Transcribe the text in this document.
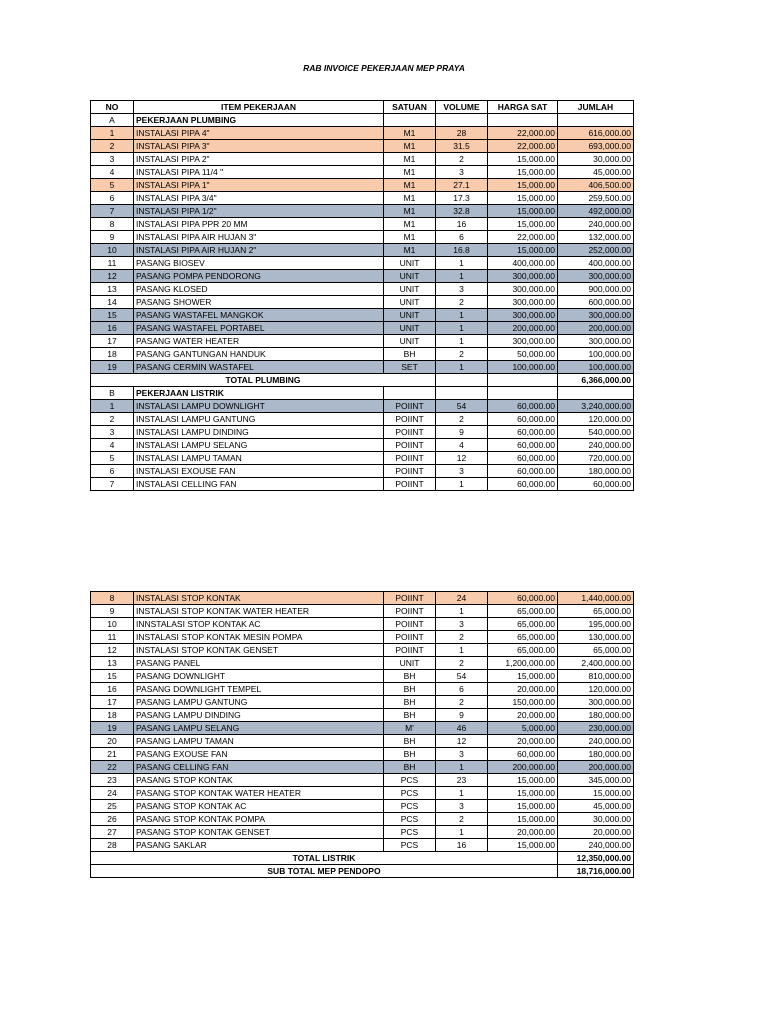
RAB INVOICE PEKERJAAN MEP PRAYA
NO	ITEM PEKERJAAN	SATUAN	VOLUME	HARGA SAT	JUMLAH
A	PEKERJAAN PLUMBING				
1	INSTALASI PIPA 4"	M1	28	22,000.00	616,000.00
2	INSTALASI PIPA 3"	M1	31.5	22,000.00	693,000.00
3	INSTALASI PIPA 2"	M1	2	15,000.00	30,000.00
4	INSTALASI PIPA 11/4 "	M1	3	15,000.00	45,000.00
5	INSTALASI PIPA 1"	M1	27.1	15,000.00	406,500.00
6	INSTALASI PIPA 3/4"	M1	17.3	15,000.00	259,500.00
7	INSTALASI PIPA 1/2"	M1	32.8	15,000.00	492,000.00
8	INSTALASI PIPA PPR 20 MM	M1	16	15,000.00	240,000.00
9	INSTALASI PIPA AIR HUJAN 3"	M1	6	22,000.00	132,000.00
10	INSTALASI PIPA AIR HUJAN 2"	M1	16.8	15,000.00	252,000.00
11	PASANG BIOSEV	UNIT	1	400,000.00	400,000.00
12	PASANG POMPA PENDORONG	UNIT	1	300,000.00	300,000.00
13	PASANG KLOSED	UNIT	3	300,000.00	900,000.00
14	PASANG SHOWER	UNIT	2	300,000.00	600,000.00
15	PASANG WASTAFEL MANGKOK	UNIT	1	300,000.00	300,000.00
16	PASANG WASTAFEL PORTABEL	UNIT	1	200,000.00	200,000.00
17	PASANG WATER HEATER	UNIT	1	300,000.00	300,000.00
18	PASANG GANTUNGAN HANDUK	BH	2	50,000.00	100,000.00
19	PASANG CERMIN WASTAFEL	SET	1	100,000.00	100,000.00
TOTAL PLUMBING					6,366,000.00
B	PEKERJAAN LISTRIK				
1	INSTALASI LAMPU DOWNLIGHT	POIINT	54	60,000.00	3,240,000.00
2	INSTALASI LAMPU GANTUNG	POIINT	2	60,000.00	120,000.00
3	INSTALASI LAMPU DINDING	POIINT	9	60,000.00	540,000.00
4	INSTALASI LAMPU SELANG	POIINT	4	60,000.00	240,000.00
5	INSTALASI LAMPU TAMAN	POIINT	12	60,000.00	720,000.00
6	INSTALASI EXOUSE FAN	POIINT	3	60,000.00	180,000.00
7	INSTALASI CELLING FAN	POIINT	1	60,000.00	60,000.00
8	INSTALASI STOP KONTAK	POIINT	24	60,000.00	1,440,000.00
9	INSTALASI STOP KONTAK WATER HEATER	POIINT	1	65,000.00	65,000.00
10	INNSTALASI STOP KONTAK AC	POIINT	3	65,000.00	195,000.00
11	INSTALASI STOP KONTAK MESIN POMPA	POIINT	2	65,000.00	130,000.00
12	INSTALASI STOP KONTAK GENSET	POIINT	1	65,000.00	65,000.00
13	PASANG PANEL	UNIT	2	1,200,000.00	2,400,000.00
15	PASANG DOWNLIGHT	BH	54	15,000.00	810,000.00
16	PASANG DOWNLIGHT TEMPEL	BH	6	20,000.00	120,000.00
17	PASANG LAMPU GANTUNG	BH	2	150,000.00	300,000.00
18	PASANG LAMPU DINDING	BH	9	20,000.00	180,000.00
19	PASANG LAMPU SELANG	M'	46	5,000.00	230,000.00
20	PASANG LAMPU TAMAN	BH	12	20,000.00	240,000.00
21	PASANG EXOUSE FAN	BH	3	60,000.00	180,000.00
22	PASANG CELLING FAN	BH	1	200,000.00	200,000.00
23	PASANG STOP KONTAK	PCS	23	15,000.00	345,000.00
24	PASANG STOP KONTAK WATER HEATER	PCS	1	15,000.00	15,000.00
25	PASANG STOP KONTAK AC	PCS	3	15,000.00	45,000.00
26	PASANG STOP KONTAK POMPA	PCS	2	15,000.00	30,000.00
27	PASANG STOP KONTAK GENSET	PCS	1	20,000.00	20,000.00
28	PASANG SAKLAR	PCS	16	15,000.00	240,000.00
TOTAL LISTRIK					12,350,000.00
SUB TOTAL MEP PENDOPO					18,716,000.00
